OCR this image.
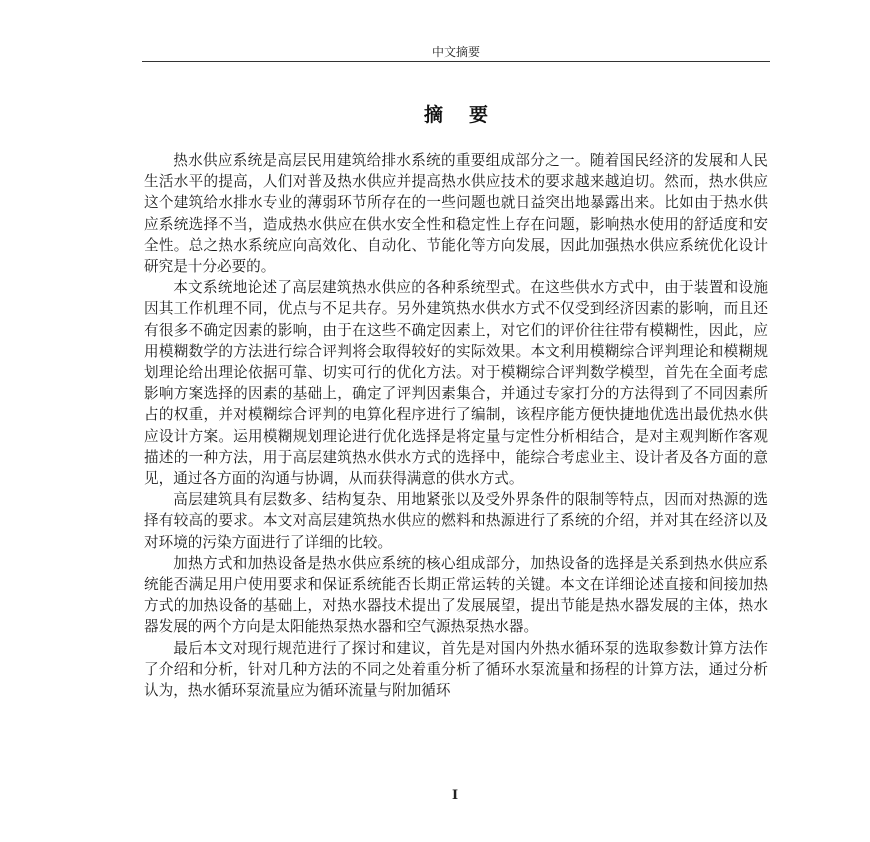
中文摘要
摘要

热水供应系统是高层民用建筑给排水系统的重要组成部分之一。随着国民经济的发展和人民生活水平的提高，人们对普及热水供应并提高热水供应技术的要求越来越迫切。然而，热水供应这个建筑给水排水专业的薄弱环节所存在的一些问题也就日益突出地暴露出来。比如由于热水供应系统选择不当，造成热水供应在供水安全性和稳定性上存在问题，影响热水使用的舒适度和安全性。总之热水系统应向高效化、自动化、节能化等方向发展，因此加强热水供应系统优化设计研究是十分必要的。

本文系统地论述了高层建筑热水供应的各种系统型式。在这些供水方式中，由于装置和设施因其工作机理不同，优点与不足共存。另外建筑热水供水方式不仅受到经济因素的影响，而且还有很多不确定因素的影响，由于在这些不确定因素上，对它们的评价往往带有模糊性，因此，应用模糊数学的方法进行综合评判将会取得较好的实际效果。本文利用模糊综合评判理论和模糊规划理论给出理论依据可靠、切实可行的优化方法。对于模糊综合评判数学模型，首先在全面考虑影响方案选择的因素的基础上，确定了评判因素集合，并通过专家打分的方法得到了不同因素所占的权重，并对模糊综合评判的电算化程序进行了编制，该程序能方便快捷地优选出最优热水供应设计方案。运用模糊规划理论进行优化选择是将定量与定性分析相结合，是对主观判断作客观描述的一种方法，用于高层建筑热水供水方式的选择中，能综合考虑业主、设计者及各方面的意见，通过各方面的沟通与协调，从而获得满意的供水方式。

高层建筑具有层数多、结构复杂、用地紧张以及受外界条件的限制等特点，因而对热源的选择有较高的要求。本文对高层建筑热水供应的燃料和热源进行了系统的介绍，并对其在经济以及对环境的污染方面进行了详细的比较。

加热方式和加热设备是热水供应系统的核心组成部分，加热设备的选择是关系到热水供应系统能否满足用户使用要求和保证系统能否长期正常运转的关键。本文在详细论述直接和间接加热方式的加热设备的基础上，对热水器技术提出了发展展望，提出节能是热水器发展的主体，热水器发展的两个方向是太阳能热泵热水器和空气源热泵热水器。

最后本文对现行规范进行了探讨和建议，首先是对国内外热水循环泵的选取参数计算方法作了介绍和分析，针对几种方法的不同之处着重分析了循环水泵流量和扬程的计算方法，通过分析认为，热水循环泵流量应为循环流量与附加循环

I
